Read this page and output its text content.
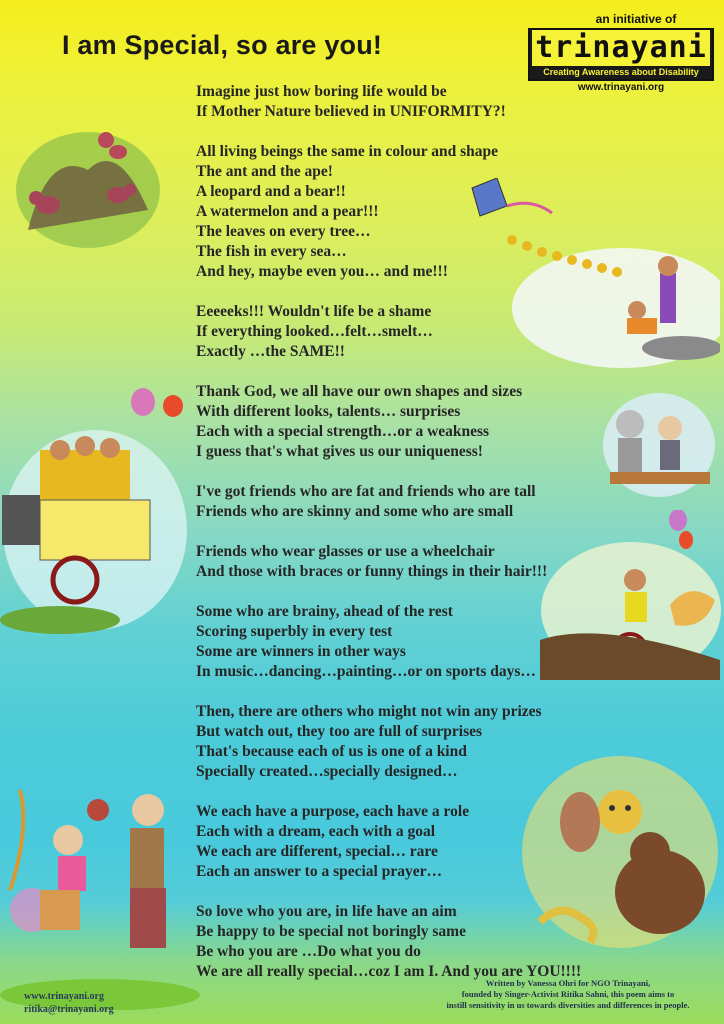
I am Special, so are you!
an initiative of
trinayani
Creating Awareness about Disability
www.trinayani.org
Imagine just how boring life would be
If Mother Nature believed in UNIFORMITY?!
All living beings the same in colour and shape
The ant and the ape!
A leopard and a bear!!
A watermelon and a pear!!!
The leaves on every tree…
The fish in every sea…
And hey, maybe even you… and me!!!
Eeeeeks!!! Wouldn't life be a shame
If everything looked…felt…smelt…
Exactly …the SAME!!
Thank God, we all have our own shapes and sizes
With different looks, talents… surprises
Each with a special strength…or a weakness
I guess that's what gives us our uniqueness!
I've got friends who are fat and friends who are tall
Friends who are skinny and some who are small
Friends who wear glasses or use a wheelchair
And those with braces or funny things in their hair!!!
Some who are brainy, ahead of the rest
Scoring superbly in every test
Some are winners in other ways
In music…dancing…painting…or on sports days…
Then, there are others who might not win any prizes
But watch out, they too are full of surprises
That's because each of us is one of a kind
Specially created…specially designed…
We each have a purpose, each have a role
Each with a dream, each with a goal
We each are different, special… rare
Each an answer to a special prayer…
So love who you are, in life have an aim
Be happy to be special not boringly same
Be who you are …Do what you do
We are all really special…coz I am I. And you are YOU!!!!
www.trinayani.org
ritika@trinayani.org
Written by Vanessa Ohri for NGO Trinayani,
founded by Singer-Activist Ritika Sahni, this poem aims to
instill sensitivity in us towards diversities and differences in people.
